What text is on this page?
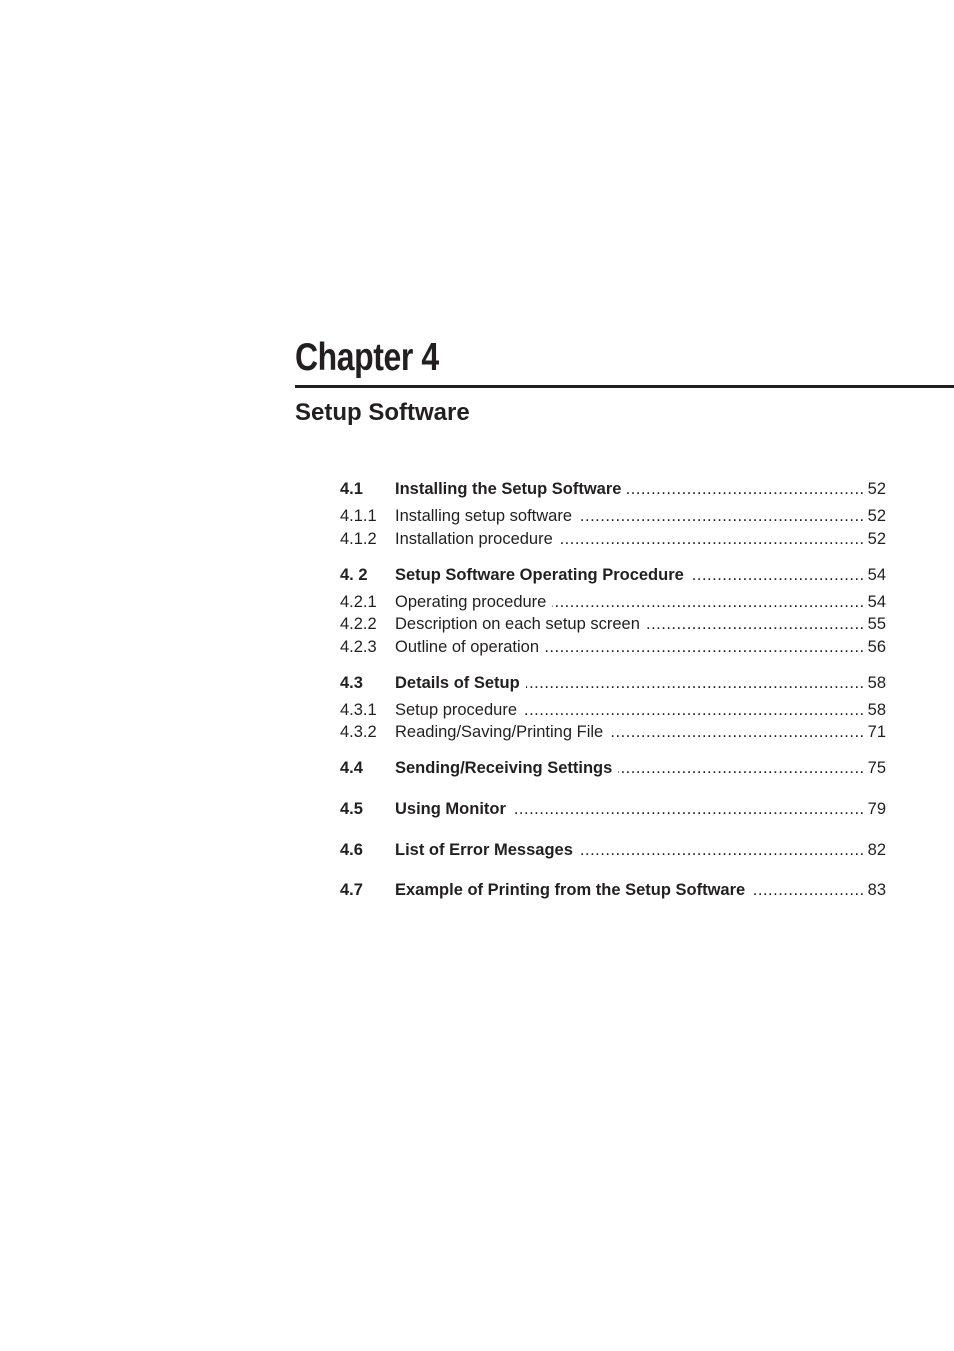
Chapter 4
Setup Software
4.1	Installing the Setup Software .....	52
4.1.1	Installing setup software .....	52
4.1.2	Installation procedure .....	52
4. 2	Setup Software Operating Procedure .....	54
4.2.1	Operating procedure .....	54
4.2.2	Description on each setup screen .....	55
4.2.3	Outline of operation .....	56
4.3	Details of Setup .....	58
4.3.1	Setup procedure .....	58
4.3.2	Reading/Saving/Printing File .....	71
4.4	Sending/Receiving Settings .....	75
4.5	Using Monitor .....	79
4.6	List of Error Messages .....	82
4.7	Example of Printing from the Setup Software .....	83
